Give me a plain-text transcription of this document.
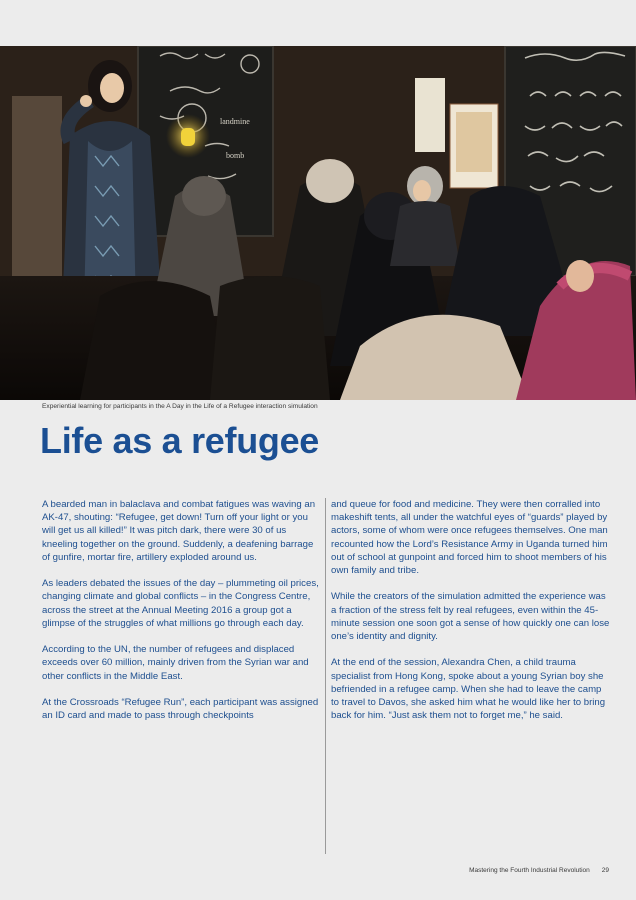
landmine
bomb
Experiential learning for participants in the A Day in the Life of a Refugee interaction simulation
Life as a refugee

A bearded man in balaclava and combat fatigues was waving an AK-47, shouting: “Refugee, get down! Turn off your light or you will get us all killed!” It was pitch dark, there were 30 of us kneeling together on the ground. Suddenly, a deafening barrage of gunfire, mortar fire, artillery exploded around us.

As leaders debated the issues of the day – plummeting oil prices, changing climate and global conflicts – in the Congress Centre, across the street at the Annual Meeting 2016 a group got a glimpse of the struggles of what millions go through each day.

According to the UN, the number of refugees and displaced exceeds over 60 million, mainly driven from the Syrian war and other conflicts in the Middle East.

At the Crossroads “Refugee Run”, each participant was assigned an ID card and made to pass through checkpoints

and queue for food and medicine. They were then corralled into makeshift tents, all under the watchful eyes of “guards” played by actors, some of whom were once refugees themselves. One man recounted how the Lord’s Resistance Army in Uganda turned him out of school at gunpoint and forced him to shoot members of his own family and tribe.

While the creators of the simulation admitted the experience was a fraction of the stress felt by real refugees, even within the 45-minute session one soon got a sense of how quickly one can lose one’s identity and dignity.

At the end of the session, Alexandra Chen, a child trauma specialist from Hong Kong, spoke about a young Syrian boy she befriended in a refugee camp. When she had to leave the camp to travel to Davos, she asked him what he would like her to bring back for him. “Just ask them not to forget me,” he said.

Mastering the Fourth Industrial Revolution 29
